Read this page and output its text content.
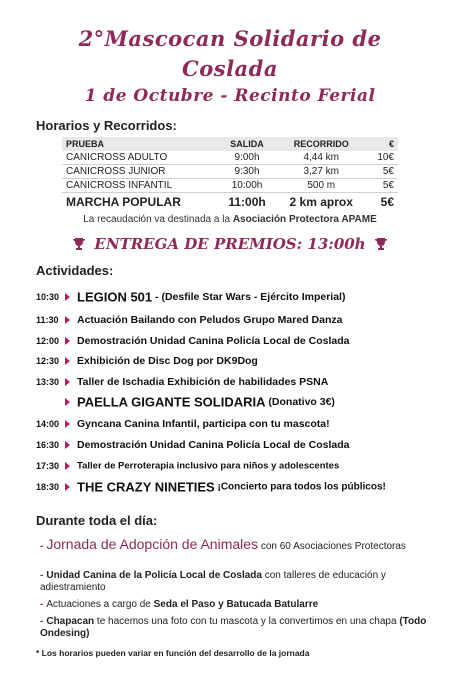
2°Mascocan Solidario de
Coslada
1 de Octubre - Recinto Ferial
Horarios y Recorridos:
PRUEBA	SALIDA	RECORRIDO	€
CANICROSS ADULTO	9:00h	4,44 km	10€
CANICROSS JUNIOR	9:30h	3,27 km	5€
CANICROSS INFANTIL	10:00h	500 m	5€
MARCHA POPULAR	11:00h	2 km aprox	5€
La recaudación va destinada a la Asociación Protectora APAME
ENTREGA DE PREMIOS: 13:00h
Actividades:
10:30 LEGION 501 - (Desfile Star Wars - Ejército Imperial)
11:30 Actuación Bailando con Peludos Grupo Mared Danza
12:00 Demostración Unidad Canina Policía Local de Coslada
12:30 Exhibición de Disc Dog por DK9Dog
13:30 Taller de Ischadia Exhibición de habilidades PSNA
PAELLA GIGANTE SOLIDARIA (Donativo 3€)
14:00 Gyncana Canina Infantil, participa con tu mascota!
16:30 Demostración Unidad Canina Policía Local de Coslada
17:30 Taller de Perroterapia inclusivo para niños y adolescentes
18:30 THE CRAZY NINETIES ¡Concierto para todos los públicos!
Durante toda el día:
- Jornada de Adopción de Animales con 60 Asociaciones Protectoras
- Unidad Canina de la Policía Local de Coslada con talleres de educación y adiestramiento
- Actuaciones a cargo de Seda el Paso y Batucada Batularre
- Chapacan te hacemos una foto con tu mascota y la convertimos en una chapa (Todo Ondesing)
* Los horarios pueden variar en función del desarrollo de la jornada
